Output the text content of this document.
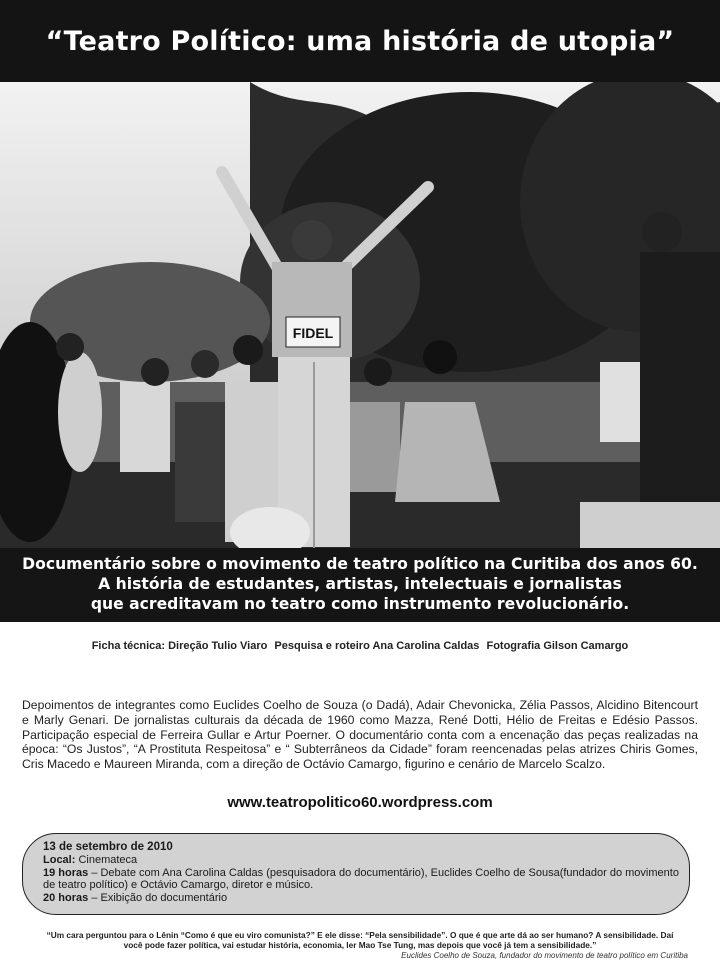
“Teatro Político: uma história de utopia”
FIDEL
Documentário sobre o movimento de teatro político na Curitiba dos anos 60.
A história de estudantes, artistas, intelectuais e jornalistas
que acreditavam no teatro como instrumento revolucionário.
Ficha técnica: Direção Tulio Viaro Pesquisa e roteiro Ana Carolina Caldas Fotografia Gilson Camargo

Depoimentos de integrantes como Euclides Coelho de Souza (o Dadá), Adair Chevonicka, Zélia Passos, Alcidino Bitencourt e Marly Genari. De jornalistas culturais da década de 1960 como Mazza, René Dotti, Hélio de Freitas e Edésio Passos. Participação especial de Ferreira Gullar e Artur Poerner. O documentário conta com a encenação das peças realizadas na época: “Os Justos”, “A Prostituta Respeitosa” e “ Subterrâneos da Cidade” foram reencenadas pelas atrizes Chiris Gomes, Cris Macedo e Maureen Miranda, com a direção de Octávio Camargo, figurino e cenário de Marcelo Scalzo.

www.teatropolitico60.wordpress.com
13 de setembro de 2010
Local: Cinemateca
19 horas – Debate com Ana Carolina Caldas (pesquisadora do documentário), Euclides Coelho de Sousa(fundador do movimento de teatro político) e Octávio Camargo, diretor e músico.
20 horas – Exibição do documentário

“Um cara perguntou para o Lênin “Como é que eu viro comunista?” E ele disse: “Pela sensibilidade”. O que é que arte dá ao ser humano? A sensibilidade. Daí você pode fazer política, vai estudar história, economia, ler Mao Tse Tung, mas depois que você já tem a sensibilidade.”

Euclides Coelho de Souza, fundador do movimento de teatro político em Curitiba
